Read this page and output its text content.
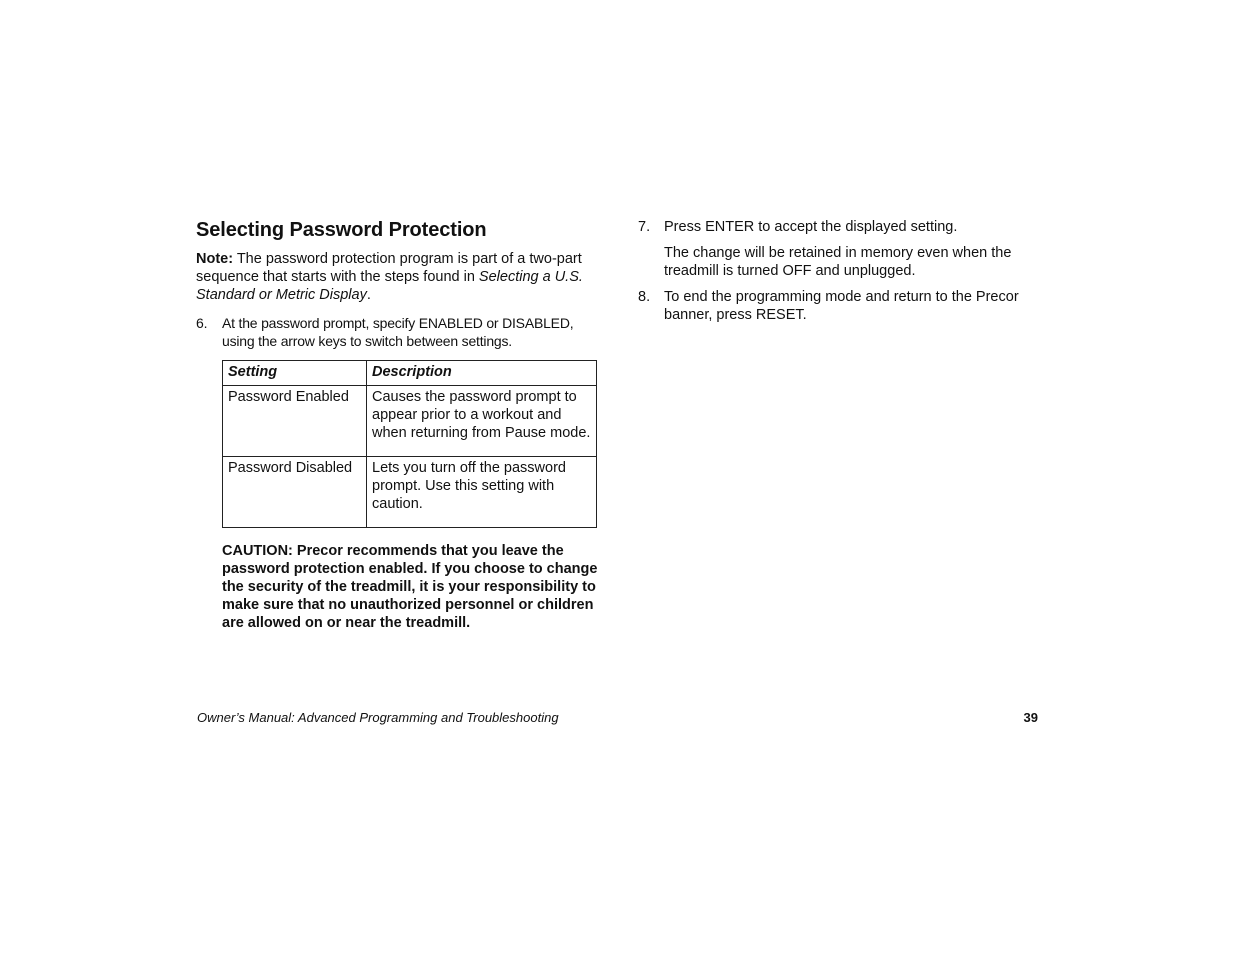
Selecting Password Protection

Note: The password protection program is part of a two-part sequence that starts with the steps found in Selecting a U.S. Standard or Metric Display.

6. At the password prompt, specify ENABLED or DISABLED, using the arrow keys to switch between settings.
Setting	Description
Password Enabled	Causes the password prompt to appear prior to a workout and when returning from Pause mode.
Password Disabled	Lets you turn off the password prompt. Use this setting with caution.

CAUTION: Precor recommends that you leave the password protection enabled. If you choose to change the security of the treadmill, it is your responsibility to make sure that no unauthorized personnel or children are allowed on or near the treadmill.

7. Press ENTER to accept the displayed setting.

The change will be retained in memory even when the treadmill is turned OFF and unplugged.

8. To end the programming mode and return to the Precor banner, press RESET.
Owner’s Manual: Advanced Programming and Troubleshooting	39
